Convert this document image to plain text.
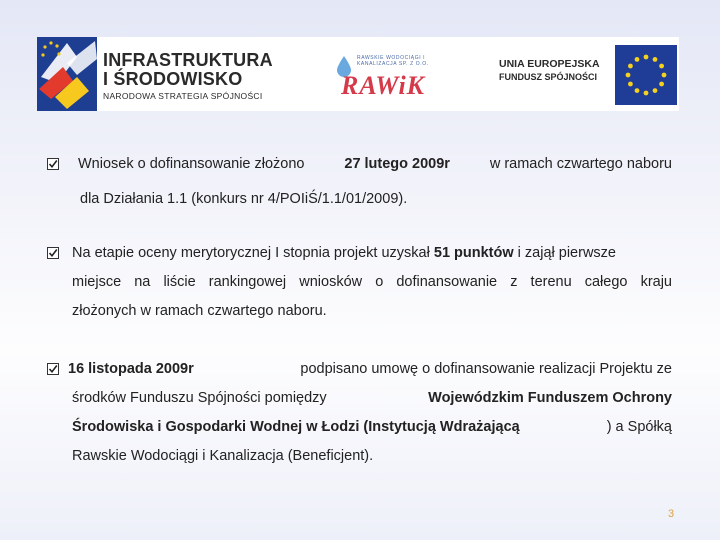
INFRASTRUKTURA
I ŚRODOWISKO
NARODOWA STRATEGIA SPÓJNOŚCI
RAWSKIE WODOCIĄGI I KANALIZACJA SP. Z O.O.
RAWiK
UNIA EUROPEJSKA
FUNDUSZ SPÓJNOŚCI
Wniosek o dofinansowanie złożono	27 lutego 2009r	w ramach czwartego naboru
dla Działania 1.1 (konkurs nr 4/POIiŚ/1.1/01/2009).
Na etapie oceny merytorycznej I stopnia projekt uzyskał 51 punktów i zajął pierwsze
miejsce na liście rankingowej wniosków o dofinansowanie z terenu całego kraju
złożonych w ramach czwartego naboru.
16 listopada 2009r	podpisano umowę o dofinansowanie realizacji Projektu ze
środków Funduszu Spójności pomiędzy	Wojewódzkim Funduszem Ochrony
Środowiska i Gospodarki Wodnej w Łodzi (Instytucją Wdrażającą	) a Spółką
Rawskie Wodociągi i Kanalizacja (Beneficjent).
3
